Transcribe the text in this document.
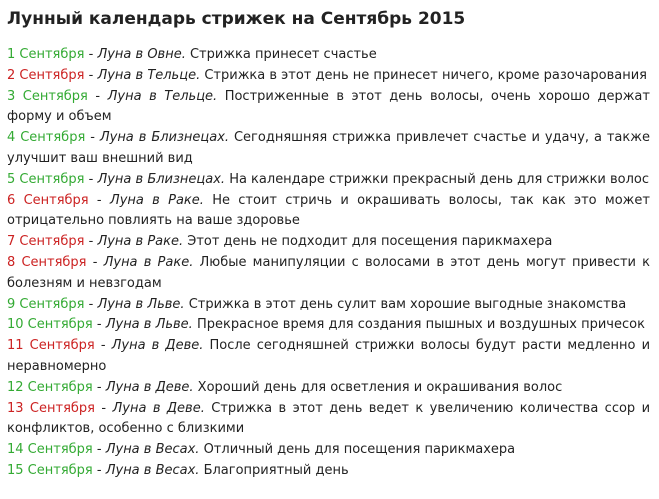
Лунный календарь стрижек на Сентябрь 2015
1 Сентября - Луна в Овне. Стрижка принесет счастье
2 Сентября - Луна в Тельце. Стрижка в этот день не принесет ничего, кроме разочарования
3 Сентября - Луна в Тельце. Постриженные в этот день волосы, очень хорошо держат форму и объем
4 Сентября - Луна в Близнецах. Сегодняшняя стрижка привлечет счастье и удачу, а также улучшит ваш внешний вид
5 Сентября - Луна в Близнецах. На календаре стрижки прекрасный день для стрижки волос
6 Сентября - Луна в Раке. Не стоит стричь и окрашивать волосы, так как это может отрицательно повлиять на ваше здоровье
7 Сентября - Луна в Раке. Этот день не подходит для посещения парикмахера
8 Сентября - Луна в Раке. Любые манипуляции с волосами в этот день могут привести к болезням и невзгодам
9 Сентября - Луна в Льве. Стрижка в этот день сулит вам хорошие выгодные знакомства
10 Сентября - Луна в Льве. Прекрасное время для создания пышных и воздушных причесок
11 Сентября - Луна в Деве. После сегодняшней стрижки волосы будут расти медленно и неравномерно
12 Сентября - Луна в Деве. Хороший день для осветления и окрашивания волос
13 Сентября - Луна в Деве. Стрижка в этот день ведет к увеличению количества ссор и конфликтов, особенно с близкими
14 Сентября - Луна в Весах. Отличный день для посещения парикмахера
15 Сентября - Луна в Весах. Благоприятный день
